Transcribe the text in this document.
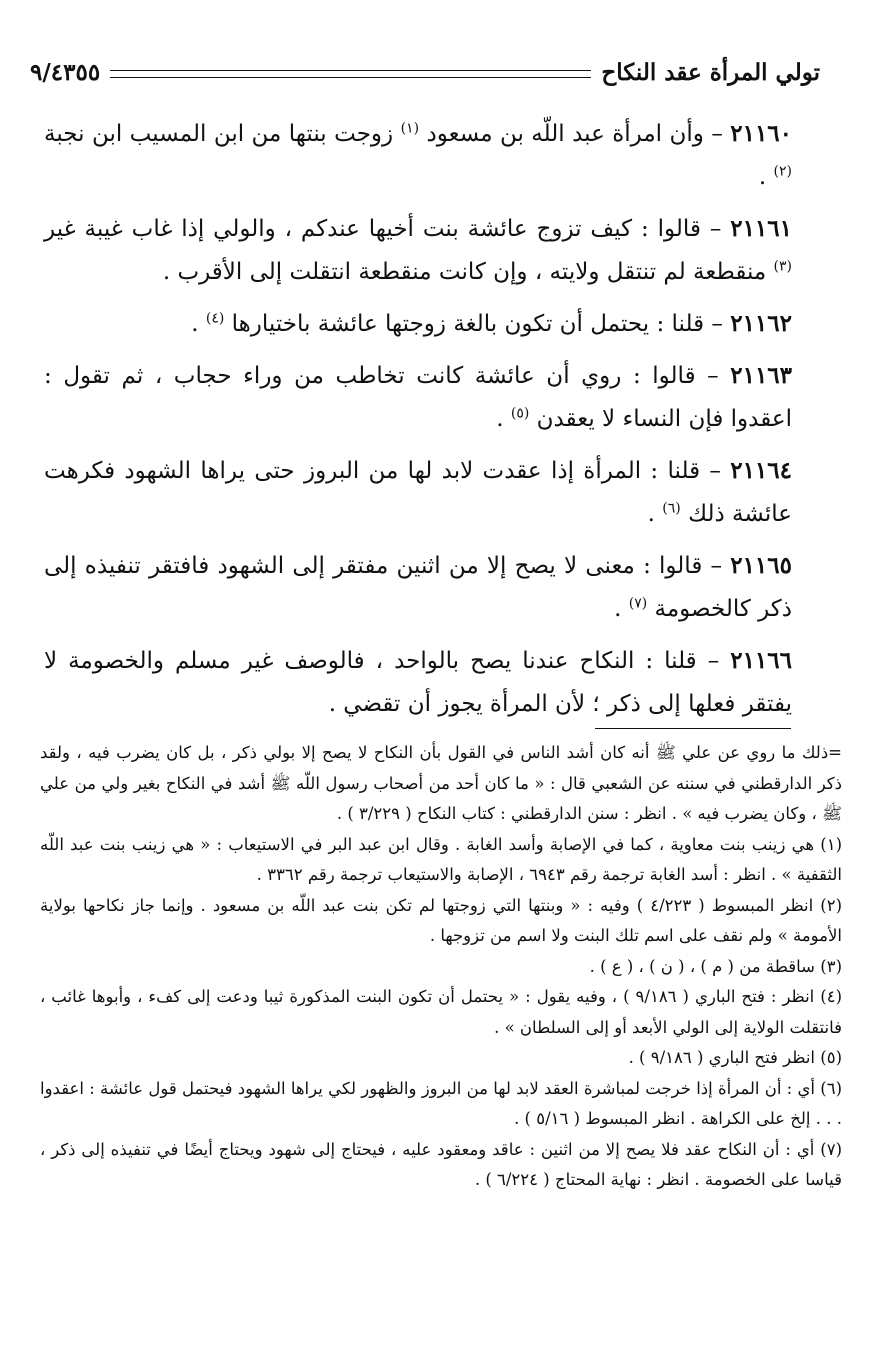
تولي المرأة عقد النكاح
٩/٤٣٥٥

٢١١٦٠ – وأن امرأة عبد اللّه بن مسعود $^{(١)}$ زوجت بنتها من ابن المسيب ابن نجبة $^{(٢)}$ .

٢١١٦١ – قالوا : كيف تزوج عائشة بنت أخيها عندكم ، والولي إذا غاب غيبة غير $^{(٣)}$ منقطعة لم تنتقل ولايته ، وإن كانت منقطعة انتقلت إلى الأقرب .

٢١١٦٢ – قلنا : يحتمل أن تكون بالغة زوجتها عائشة باختيارها $^{(٤)}$ .

٢١١٦٣ – قالوا : روي أن عائشة كانت تخاطب من وراء حجاب ، ثم تقول : اعقدوا فإن النساء لا يعقدن $^{(٥)}$ .

٢١١٦٤ – قلنا : المرأة إذا عقدت لابد لها من البروز حتى يراها الشهود فكرهت عائشة ذلك $^{(٦)}$ .

٢١١٦٥ – قالوا : معنى لا يصح إلا من اثنين مفتقر إلى الشهود فافتقر تنفيذه إلى ذكر كالخصومة $^{(٧)}$ .

٢١١٦٦ – قلنا : النكاح عندنا يصح بالواحد ، فالوصف غير مسلم والخصومة لا يفتقر فعلها إلى ذكر ؛ لأن المرأة يجوز أن تقضي .

=ذلك ما روي عن علي ﷺ أنه كان أشد الناس في القول بأن النكاح لا يصح إلا بولي ذكر ، بل كان يضرب فيه ، ولقد ذكر الدارقطني في سننه عن الشعبي قال : « ما كان أحد من أصحاب رسول اللّه ﷺ أشد في النكاح بغير ولي من علي ﷺ ، وكان يضرب فيه » . انظر : سنن الدارقطني : كتاب النكاح ( ٣/٢٢٩ ) .

(١) هي زينب بنت معاوية ، كما في الإصابة وأسد الغابة . وقال ابن عبد البر في الاستيعاب : « هي زينب بنت عبد اللّه الثقفية » . انظر : أسد الغابة ترجمة رقم ٦٩٤٣ ، الإصابة والاستيعاب ترجمة رقم ٣٣٦٢ .

(٢) انظر المبسوط ( ٤/٢٢٣ ) وفيه : « وبنتها التي زوجتها لم تكن بنت عبد اللّه بن مسعود . وإنما جاز نكاحها بولاية الأمومة » ولم نقف على اسم تلك البنت ولا اسم من تزوجها .

(٣) ساقطة من ( م ) ، ( ن ) ، ( ع ) .

(٤) انظر : فتح الباري ( ٩/١٨٦ ) ، وفيه يقول : « يحتمل أن تكون البنت المذكورة ثيبا ودعت إلى كفء ، وأبوها غائب ، فانتقلت الولاية إلى الولي الأبعد أو إلى السلطان » .

(٥) انظر فتح الباري ( ٩/١٨٦ ) .

(٦) أي : أن المرأة إذا خرجت لمباشرة العقد لابد لها من البروز والظهور لكي يراها الشهود فيحتمل قول عائشة : اعقدوا . . . إلخ على الكراهة . انظر المبسوط ( ٥/١٦ ) .

(٧) أي : أن النكاح عقد فلا يصح إلا من اثنين : عاقد ومعقود عليه ، فيحتاج إلى شهود ويحتاج أيضًا في تنفيذه إلى ذكر ، قياسا على الخصومة . انظر : نهاية المحتاج ( ٦/٢٢٤ ) .
